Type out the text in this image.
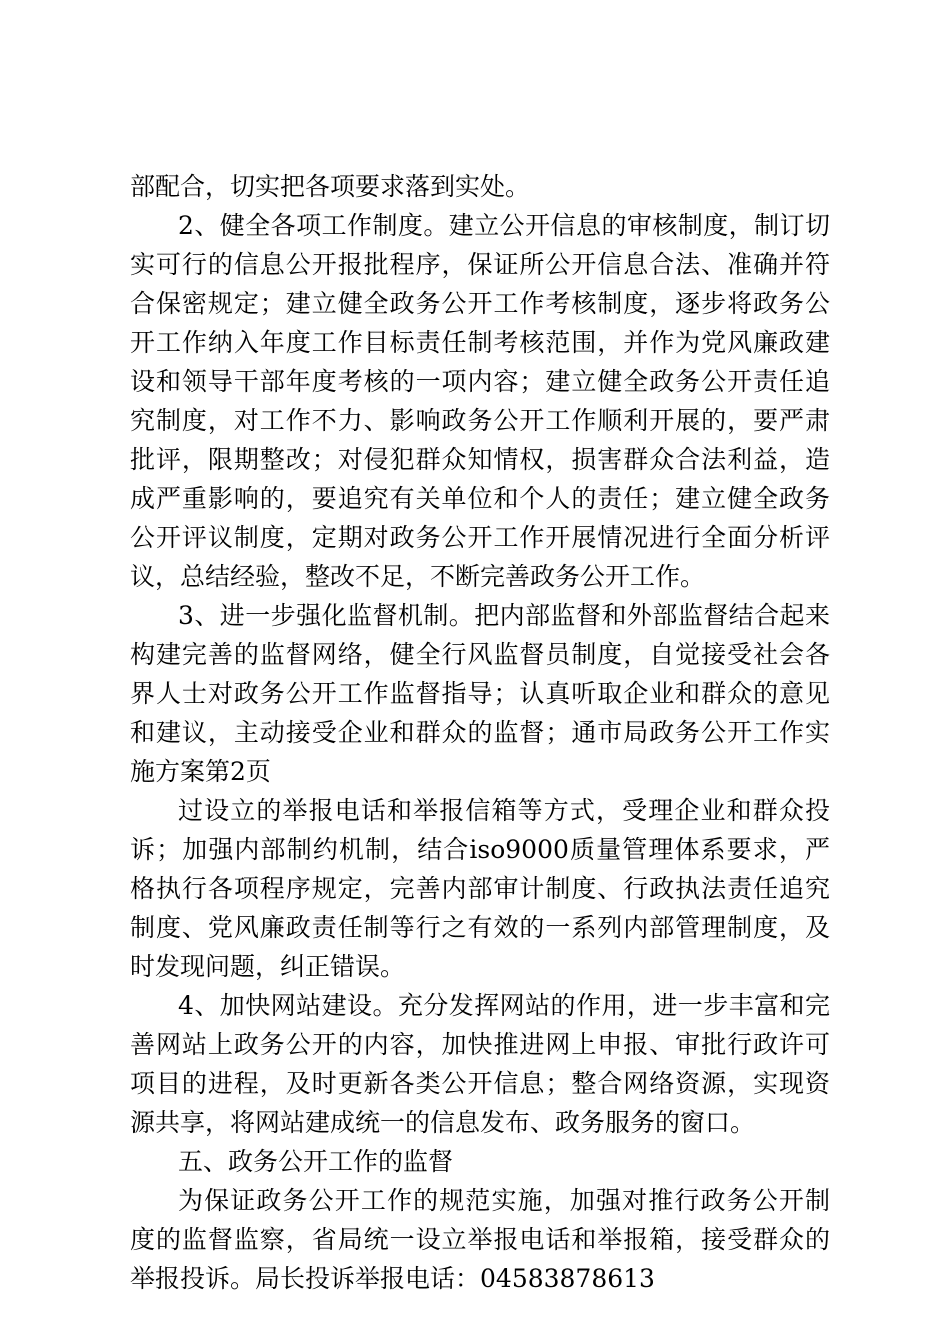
部配合，切实把各项要求落到实处。
2、健全各项工作制度。建立公开信息的审核制度，制订切
实可行的信息公开报批程序，保证所公开信息合法、准确并符
合保密规定；建立健全政务公开工作考核制度，逐步将政务公
开工作纳入年度工作目标责任制考核范围，并作为党风廉政建
设和领导干部年度考核的一项内容；建立健全政务公开责任追
究制度，对工作不力、影响政务公开工作顺利开展的，要严肃
批评，限期整改；对侵犯群众知情权，损害群众合法利益，造
成严重影响的，要追究有关单位和个人的责任；建立健全政务
公开评议制度，定期对政务公开工作开展情况进行全面分析评
议，总结经验，整改不足，不断完善政务公开工作。
3、进一步强化监督机制。把内部监督和外部监督结合起来
构建完善的监督网络，健全行风监督员制度，自觉接受社会各
界人士对政务公开工作监督指导；认真听取企业和群众的意见
和建议，主动接受企业和群众的监督；通市局政务公开工作实
施方案第2页
过设立的举报电话和举报信箱等方式，受理企业和群众投
诉；加强内部制约机制，结合iso9000质量管理体系要求，严
格执行各项程序规定，完善内部审计制度、行政执法责任追究
制度、党风廉政责任制等行之有效的一系列内部管理制度，及
时发现问题，纠正错误。
4、加快网站建设。充分发挥网站的作用，进一步丰富和完
善网站上政务公开的内容，加快推进网上申报、审批行政许可
项目的进程，及时更新各类公开信息；整合网络资源，实现资
源共享，将网站建成统一的信息发布、政务服务的窗口。
五、政务公开工作的监督
为保证政务公开工作的规范实施，加强对推行政务公开制
度的监督监察，省局统一设立举报电话和举报箱，接受群众的
举报投诉。局长投诉举报电话：04583878613
